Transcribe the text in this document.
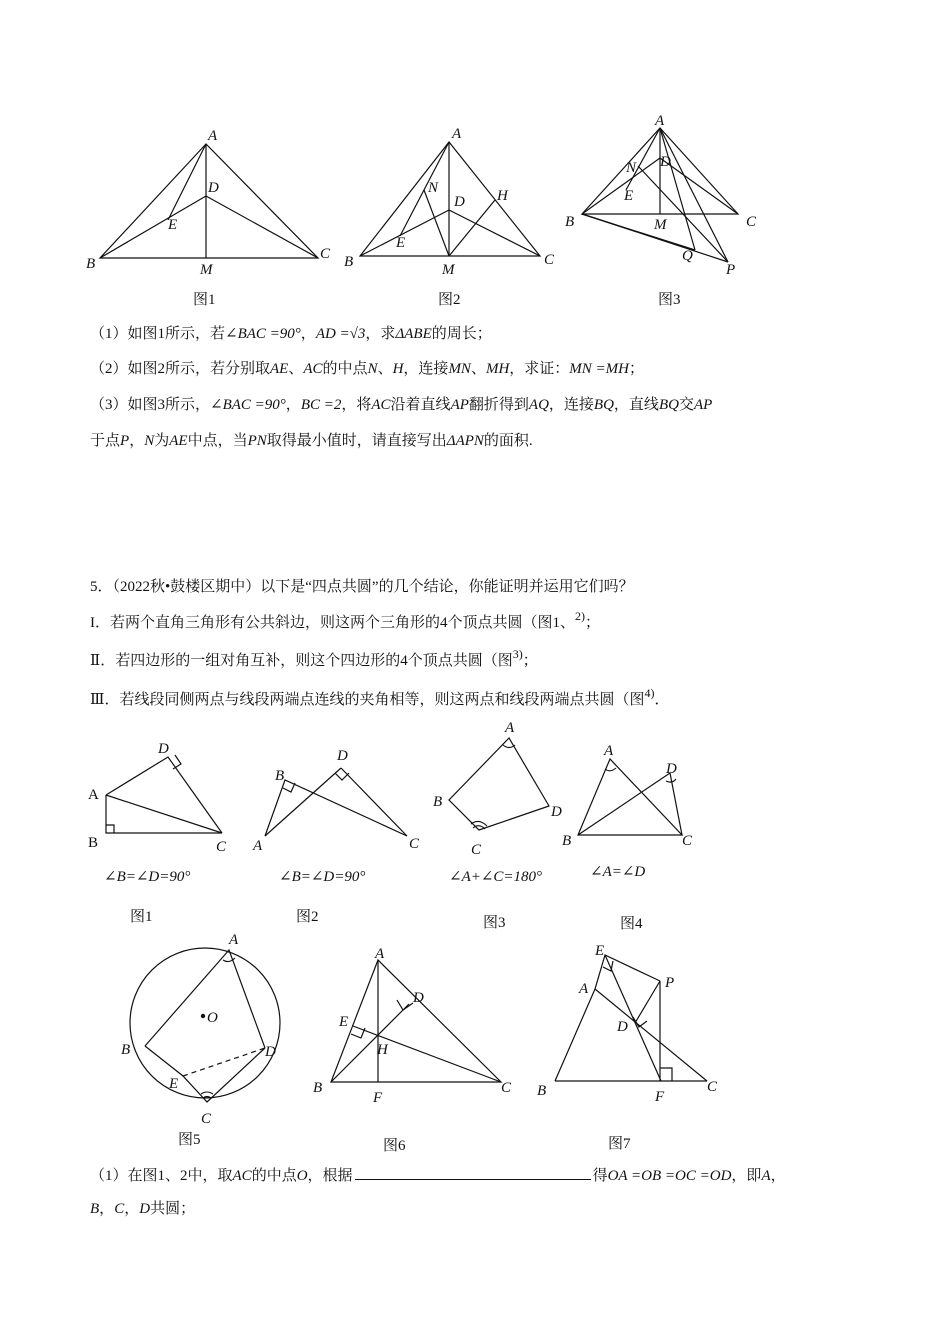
A
B
C
D
E
M
图1
A
B	C
D
E
M
N	H
图2
A
B	C
D
E
M
N
Q
P
图3
（1）如图1所示，若∠BAC =90°，AD =√3，求ΔABE的周长；
（2）如图2所示，若分别取AE、AC的中点N、H，连接MN、MH，求证：MN =MH；
（3）如图3所示，∠BAC =90°，BC =2，将AC沿着直线AP翻折得到AQ，连接BQ，直线BQ交AP
于点P，N为AE中点，当PN取得最小值时，请直接写出ΔAPN的面积.
5．（2022秋•鼓楼区期中）以下是“四点共圆”的几个结论，你能证明并运用它们吗？
I．若两个直角三角形有公共斜边，则这两个三角形的4个顶点共圆（图1、$^{2)}$；
Ⅱ．若四边形的一组对角互补，则这个四边形的4个顶点共圆（图$^{3)}$；
Ⅲ．若线段同侧两点与线段两端点连线的夹角相等，则这两点和线段两端点共圆（图$^{4)}$．
A
B	C
D
∠B=∠D=90°
图1
A
B
C
D
∠B=∠D=90°
图2
A
B
C
D
∠A+∠C=180°
图3
A
B	C
D
∠A=∠D
图4
A
B
C
D
E
O
图5
A
B	C
D
E
F
H
图6
E
A
B	C
D
F
P
图7
（1）在图1、2中，取AC的中点O，根据	得OA =OB =OC =OD，即A，
B，C，D共圆；
